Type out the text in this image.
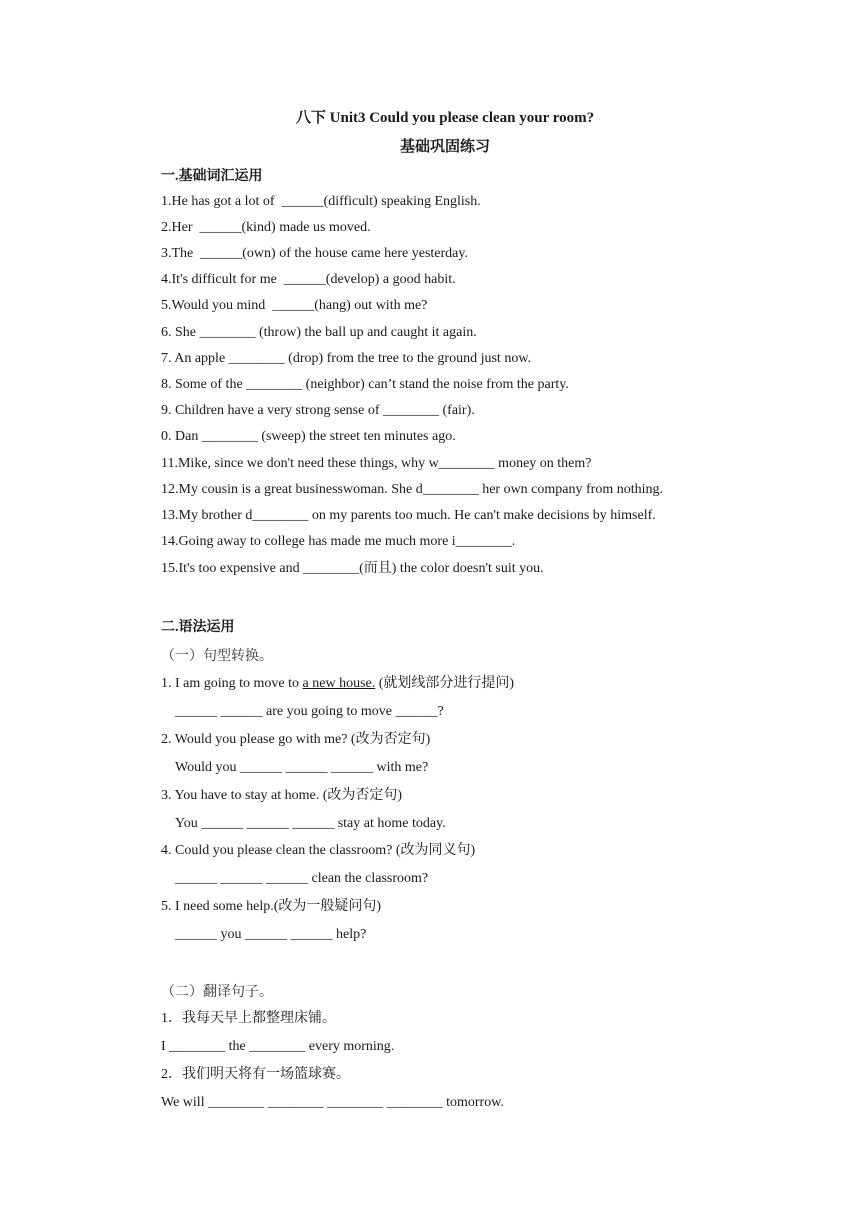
八下 Unit3 Could you please clean your room?
基础巩固练习
一.基础词汇运用
1.He has got a lot of  ______(difficult) speaking English.
2.Her  ______(kind) made us moved.
3.The  ______(own) of the house came here yesterday.
4.It's difficult for me  ______(develop) a good habit.
5.Would you mind  ______(hang) out with me?
6. She ________ (throw) the ball up and caught it again.
7. An apple ________ (drop) from the tree to the ground just now.
8. Some of the ________ (neighbor) can’t stand the noise from the party.
9. Children have a very strong sense of ________ (fair).
0. Dan ________ (sweep) the street ten minutes ago.
11.Mike, since we don't need these things, why w________ money on them?
12.My cousin is a great businesswoman. She d________ her own company from nothing.
13.My brother d________ on my parents too much. He can't make decisions by himself.
14.Going away to college has made me much more i________.
15.It's too expensive and ________(而且) the color doesn't suit you.
二.语法运用
（一）句型转换。
1. I am going to move to a new house. (就划线部分进行提问)
______ ______ are you going to move ______?
2. Would you please go with me? (改为否定句)
Would you ______ ______ ______ with me?
3. You have to stay at home. (改为否定句)
You ______ ______ ______ stay at home today.
4. Could you please clean the classroom? (改为同义句)
______ ______ ______ clean the classroom?
5. I need some help.(改为一般疑问句)
______ you ______ ______ help?
（二）翻译句子。
1．我每天早上都整理床铺。
I ________ the ________ every morning.
2．我们明天将有一场篮球赛。
We will ________ ________ ________ ________ tomorrow.
